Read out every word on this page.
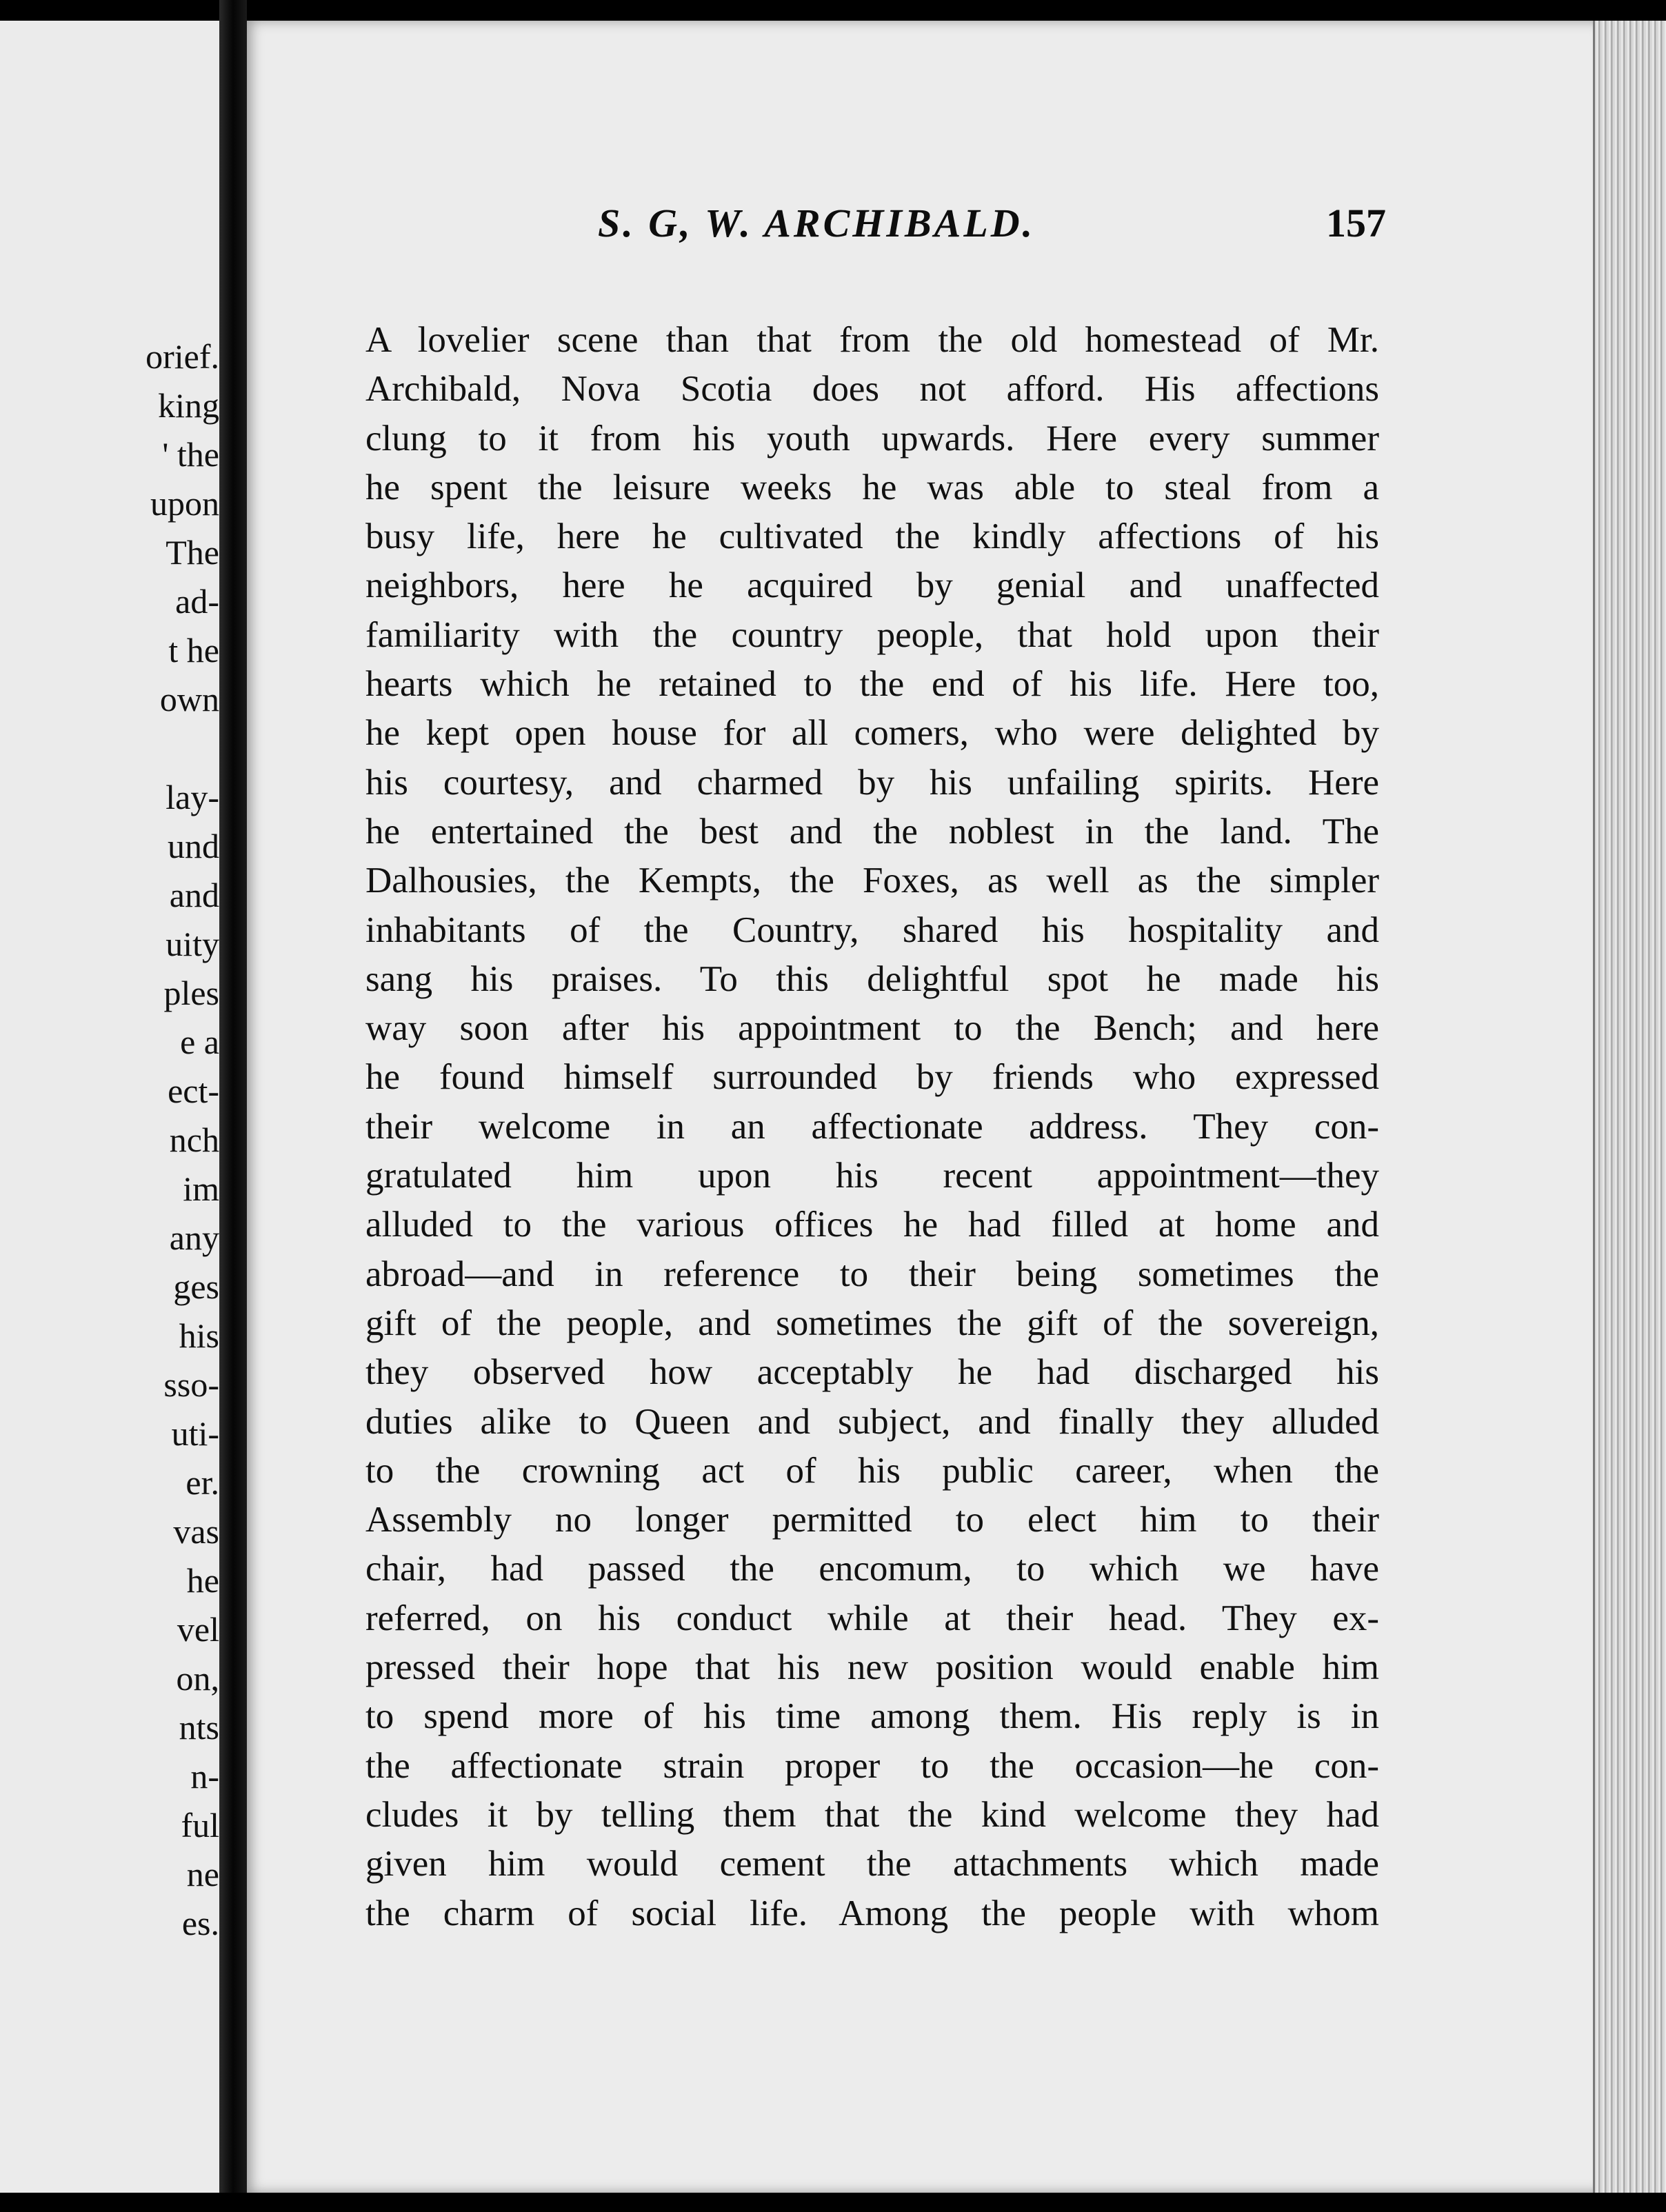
orief.
king
' the
upon
The
ad-
t he
own
lay-
und
and
uity
ples
e a
ect-
nch
im
any
ges
his
sso-
uti-
er.
vas
he
vel
on,
nts
n-
ful
ne
es.
S. G, W. ARCHIBALD.	157
A lovelier scene than that from the old homestead of Mr.
Archibald, Nova Scotia does not afford. His affections
clung to it from his youth upwards. Here every summer
he spent the leisure weeks he was able to steal from a
busy life, here he cultivated the kindly affections of his
neighbors, here he acquired by genial and unaffected
familiarity with the country people, that hold upon their
hearts which he retained to the end of his life. Here too,
he kept open house for all comers, who were delighted by
his courtesy, and charmed by his unfailing spirits. Here
he entertained the best and the noblest in the land. The
Dalhousies, the Kempts, the Foxes, as well as the simpler
inhabitants of the Country, shared his hospitality and
sang his praises. To this delightful spot he made his
way soon after his appointment to the Bench; and here
he found himself surrounded by friends who expressed
their welcome in an affectionate address. They con-
gratulated him upon his recent appointment—they
alluded to the various offices he had filled at home and
abroad—and in reference to their being sometimes the
gift of the people, and sometimes the gift of the sovereign,
they observed how acceptably he had discharged his
duties alike to Queen and subject, and finally they alluded
to the crowning act of his public career, when the
Assembly no longer permitted to elect him to their
chair, had passed the encomum, to which we have
referred, on his conduct while at their head. They ex-
pressed their hope that his new position would enable him
to spend more of his time among them. His reply is in
the affectionate strain proper to the occasion—he con-
cludes it by telling them that the kind welcome they had
given him would cement the attachments which made
the charm of social life. Among the people with whom
